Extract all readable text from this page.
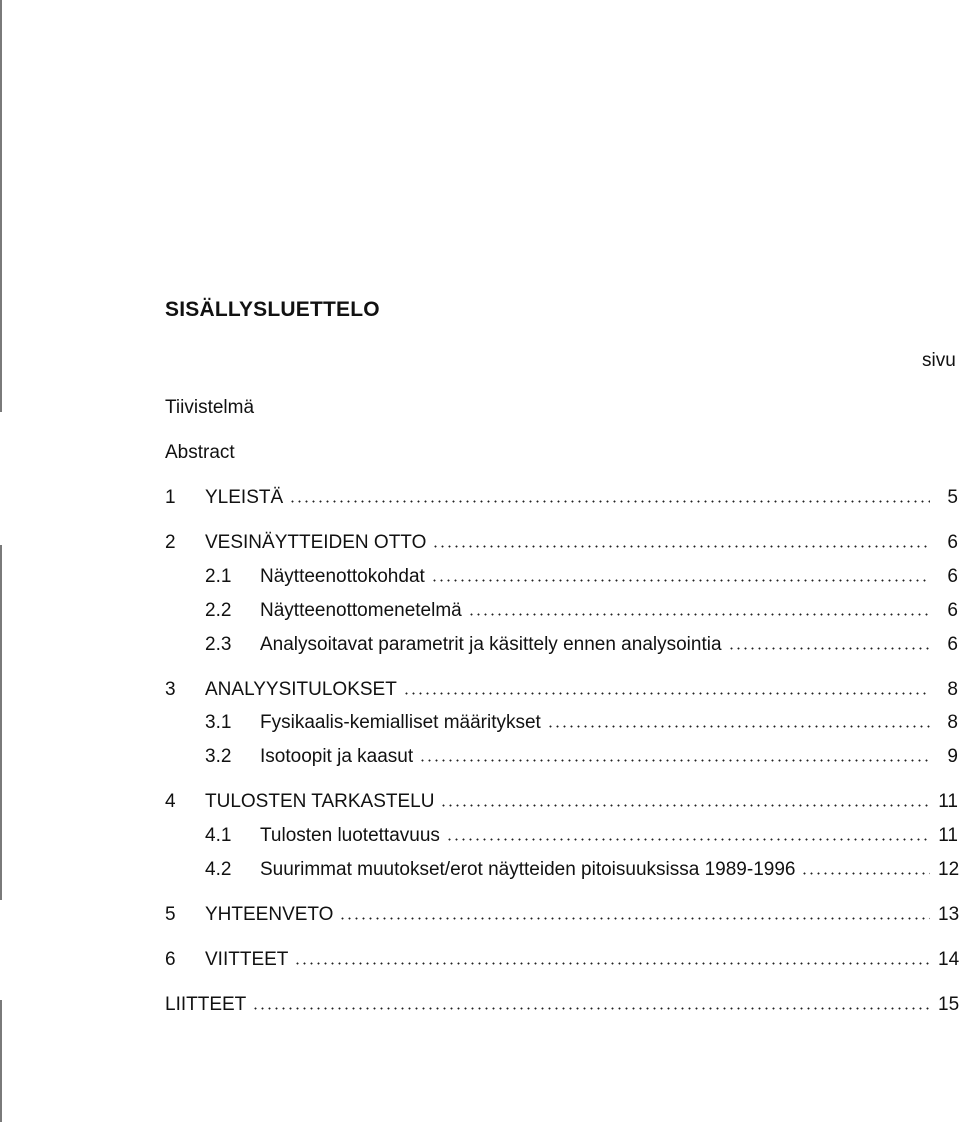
SISÄLLYSLUETTELO
sivu
Tiivistelmä
Abstract
1	YLEISTÄ	5
2	VESINÄYTTEIDEN OTTO	6
2.1	Näytteenottokohdat	6
2.2	Näytteenottomenetelmä	6
2.3	Analysoitavat parametrit ja käsittely ennen analysointia	6
3	ANALYYSITULOKSET	8
3.1	Fysikaalis-kemialliset määritykset	8
3.2	Isotoopit ja kaasut	9
4	TULOSTEN TARKASTELU	11
4.1	Tulosten luotettavuus	11
4.2	Suurimmat muutokset/erot näytteiden pitoisuuksissa 1989-1996	12
5	YHTEENVETO	13
6	VIITTEET	14
LIITTEET	15
